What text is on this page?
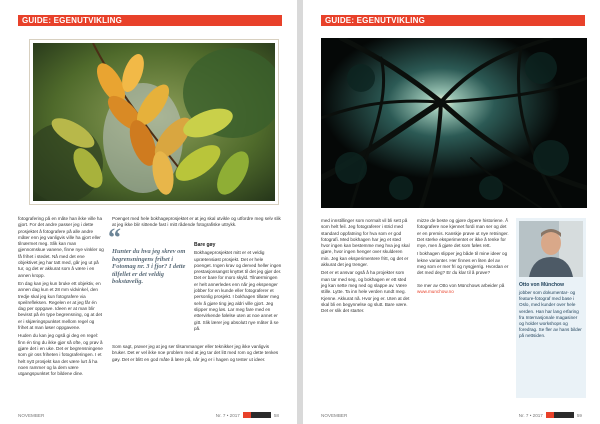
GUIDE: EGENUTVIKLING

fotografering på en måte han ikke ville ha gjort. For det andre passer jeg i dette prosjektet å fotografere på alle andre måter enn jeg vanligvis ville ha gjort eller tilnærmet meg. Slik kan man gjennomskue vanene, finne nye vinkler og få frihet i stedet. Nå med det ene objektivet jeg har tatt med, går jeg ut på tur, og det er akkurat som å være i en annen kropp.

En dag kan jeg kun bruke ett objektiv, en annen dag kun et 28 mm vidvinkel, den tredje skal jeg kun fotografere via speilrefleksen. Regelen er at jeg får én dag per oppgave. Ideen er at man blir bevisst på én type begrensning, og at det er i skjæringspunktet mellom regel og frihet at man løser oppgavene.

Huden du kan jeg også gi deg en regel: finn én ting du ikke gjør så ofte, og prøv å gjøre det i en uke. Det er begrensningene som gir oss friheten i fotograferingen. I et helt nytt prosjekt kan det være lurt å ha noen rammer og la dem være utgangspunktet for bildene dine.

Poenget med hele bokhageprosjektet er at jeg skal utvikle og utfordre meg selv slik at jeg ikke blir sittende fast i mitt rådende fotografiske uttrykk.

“
Hunter du hva jeg skrev om begrensningens frihet i Fotomag nr. 3 i fjor? I dette tilfellet er det veldig bokstavelig.
Bare gøy

Bokhageprosjektet mitt er et veldig uprætensiøst prosjekt. Det er hele poenget. Ingen krav og derved heller ingen prestasjonsangst knyttet til det jeg gjør der. Det er bare for moro skyld. Tilnærmingen er helt annerledes enn når jeg ekspenger jobber for en kunde eller fotograferer et personlig prosjekt. I bokhagen tillater meg selv å gjøre ting jeg aldri ville gjort. Jeg slipper meg løs. Lar meg fare med en ettervirkende følelse uten at noe annet er gitt. Slik lærer jeg absolutt nye måter å se på.

Som sagt, prøver jeg at jeg ser tilsammanger eller teknikker jeg ikke vanligvis bruker. Det er vel ikke noe problem med at jeg tar det litt med rom og dette tenkes gøy. Det er blitt en god måte å lære på, når jeg er i hagen og tester ut ideer.

NOVEMBER	Nr. 7 • 2017	58
GUIDE: EGENUTVIKLING

med innstillinger som normalt vil bli sett på som helt feil. Jeg fotograferer i strid med standard oppfatning for hva som er god fotografi. Med bokhagen har jeg et sted hvor ingen kan bestemme meg hva jeg skal gjøre, hvor ingen henger over skulderen min. Jeg kan eksperimentere fritt, og det er akkurat det jeg trenger.

Det er et ansvar også å ha projekter som man tar med seg, og bokhagen er ett sted jeg kan sette meg ned og slappe av. Være stille. Lytte. Ta inn hele verden rundt meg. Kjenne. Akkurat nå. Hvor jeg er. Uten at det skal bli en begynnelse og slutt. Bare være. Det er slik det starter.

mizze de beste og gjøre dypere historiene. Å fotografere noe kjennet fordi man ser og det er en premis. Kanskje prøve ut nye retninger. Det sterke eksperimentet er ikke å tenke for mye, men å gjøre det som føles rett.

I bokhagen slipper jeg både til mine ideer og lekne varianter. Her finnes en liten del av meg som er mer fri og nysgjerrig. Hvordan er det med deg? Er du klar til å prøve?

Se mer av Otto von Münchows arbeider på www.munchow.no

Otto von Münchow
jobber som dokumentar- og feature-fotograf med base i Oslo, med kunder over hele verden. Han har lang erfaring fra Internasjonale magasiner og holder workshops og foredrag. Se fler av hans bilder på nettsiden.
NOVEMBER	Nr. 7 • 2017	59
